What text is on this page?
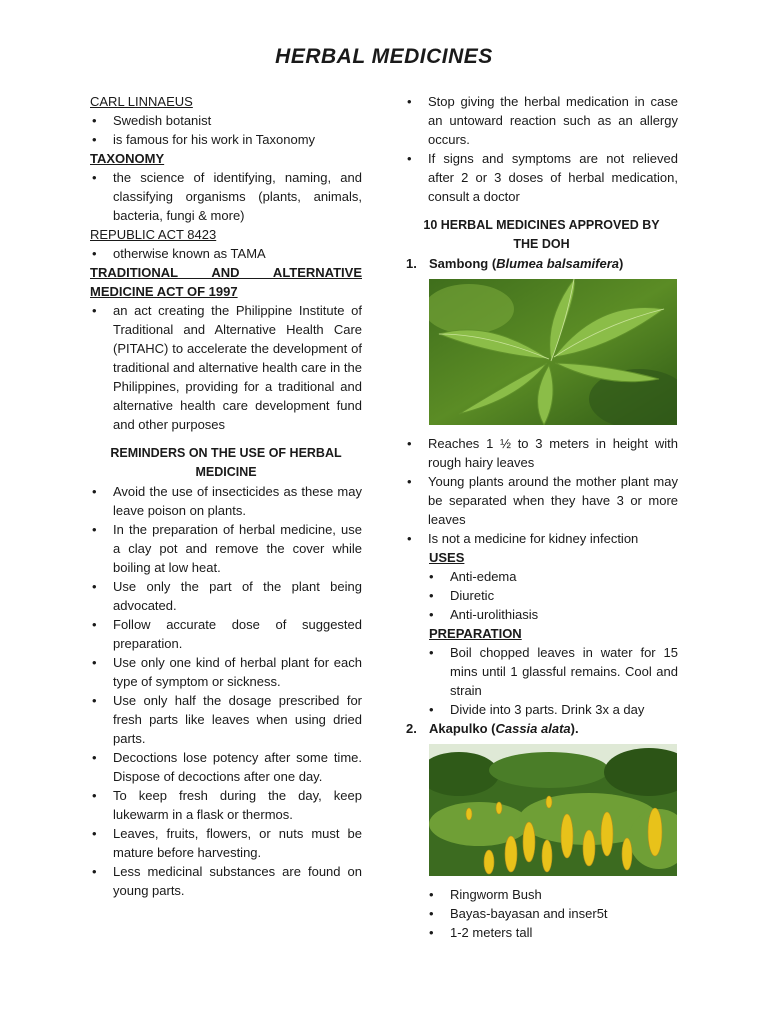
HERBAL MEDICINES
CARL LINNAEUS
• Swedish botanist
• is famous for his work in Taxonomy
TAXONOMY
• the science of identifying, naming, and classifying organisms (plants, animals, bacteria, fungi & more)
REPUBLIC ACT 8423
• otherwise known as TAMA
TRADITIONAL AND ALTERNATIVE MEDICINE ACT OF 1997
• an act creating the Philippine Institute of Traditional and Alternative Health Care (PITAHC) to accelerate the development of traditional and alternative health care in the Philippines, providing for a traditional and alternative health care development fund and other purposes
REMINDERS ON THE USE OF HERBAL MEDICINE
• Avoid the use of insecticides as these may leave poison on plants.
• In the preparation of herbal medicine, use a clay pot and remove the cover while boiling at low heat.
• Use only the part of the plant being advocated.
• Follow accurate dose of suggested preparation.
• Use only one kind of herbal plant for each type of symptom or sickness.
• Use only half the dosage prescribed for fresh parts like leaves when using dried parts.
• Decoctions lose potency after some time. Dispose of decoctions after one day.
• To keep fresh during the day, keep lukewarm in a flask or thermos.
• Leaves, fruits, flowers, or nuts must be mature before harvesting.
• Less medicinal substances are found on young parts.
• Stop giving the herbal medication in case an untoward reaction such as an allergy occurs.
• If signs and symptoms are not relieved after 2 or 3 doses of herbal medication, consult a doctor
10 HERBAL MEDICINES APPROVED BY THE DOH
1. Sambong (Blumea balsamifera)
• Reaches 1 ½ to 3 meters in height with rough hairy leaves
• Young plants around the mother plant may be separated when they have 3 or more leaves
• Is not a medicine for kidney infection
USES
• Anti-edema
• Diuretic
• Anti-urolithiasis
PREPARATION
• Boil chopped leaves in water for 15 mins until 1 glassful remains. Cool and strain
• Divide into 3 parts. Drink 3x a day
2. Akapulko (Cassia alata).
• Ringworm Bush
• Bayas-bayasan and inser5t
• 1-2 meters tall
